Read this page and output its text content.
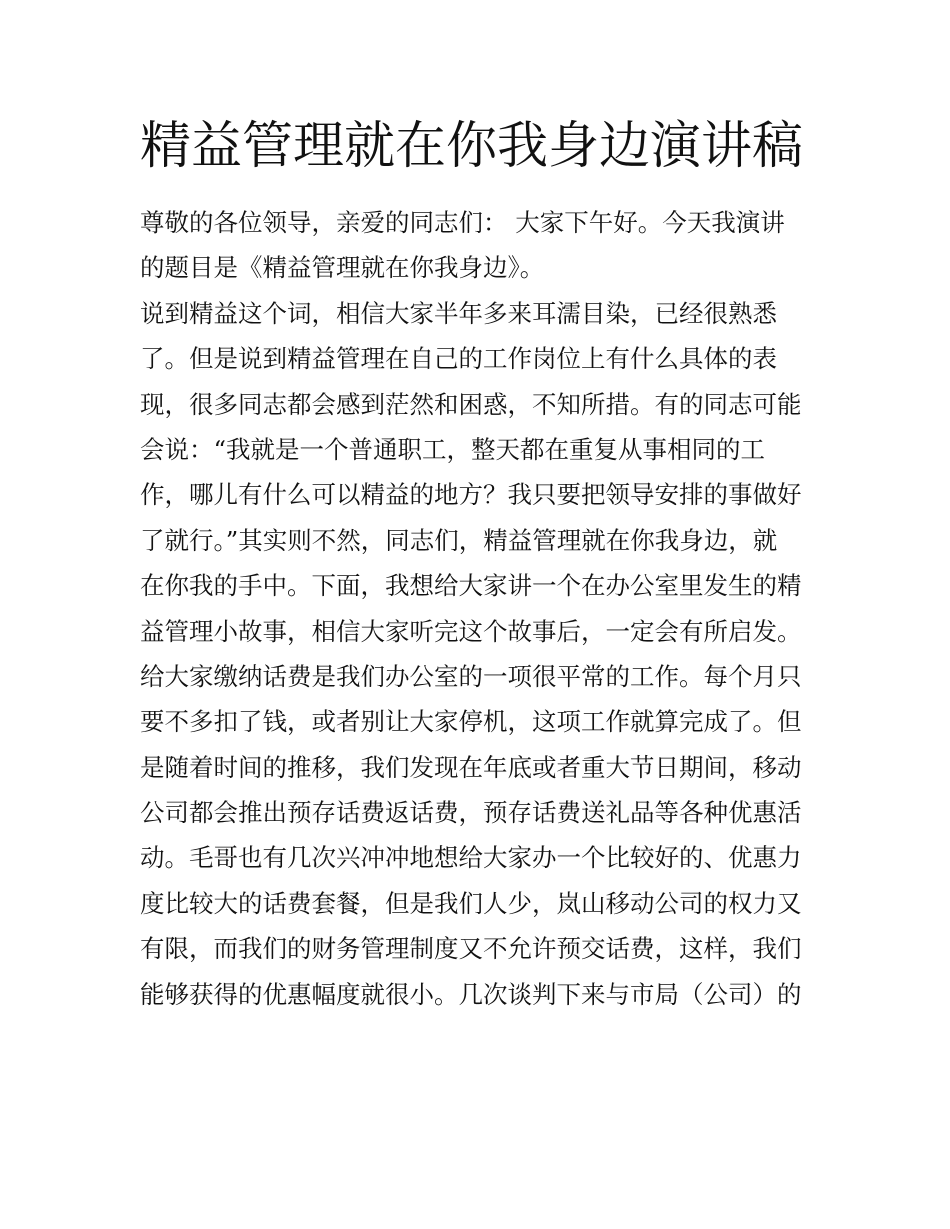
精益管理就在你我身边演讲稿
尊敬的各位领导，亲爱的同志们： 大家下午好。今天我演讲
的题目是《精益管理就在你我身边》。
说到精益这个词，相信大家半年多来耳濡目染，已经很熟悉
了。但是说到精益管理在自己的工作岗位上有什么具体的表
现，很多同志都会感到茫然和困惑，不知所措。有的同志可能
会说：“我就是一个普通职工，整天都在重复从事相同的工
作，哪儿有什么可以精益的地方？我只要把领导安排的事做好
了就行。”其实则不然，同志们，精益管理就在你我身边，就
在你我的手中。下面，我想给大家讲一个在办公室里发生的精
益管理小故事，相信大家听完这个故事后，一定会有所启发。
给大家缴纳话费是我们办公室的一项很平常的工作。每个月只
要不多扣了钱，或者别让大家停机，这项工作就算完成了。但
是随着时间的推移，我们发现在年底或者重大节日期间，移动
公司都会推出预存话费返话费，预存话费送礼品等各种优惠活
动。毛哥也有几次兴冲冲地想给大家办一个比较好的、优惠力
度比较大的话费套餐，但是我们人少，岚山移动公司的权力又
有限，而我们的财务管理制度又不允许预交话费，这样，我们
能够获得的优惠幅度就很小。几次谈判下来与市局（公司）的
